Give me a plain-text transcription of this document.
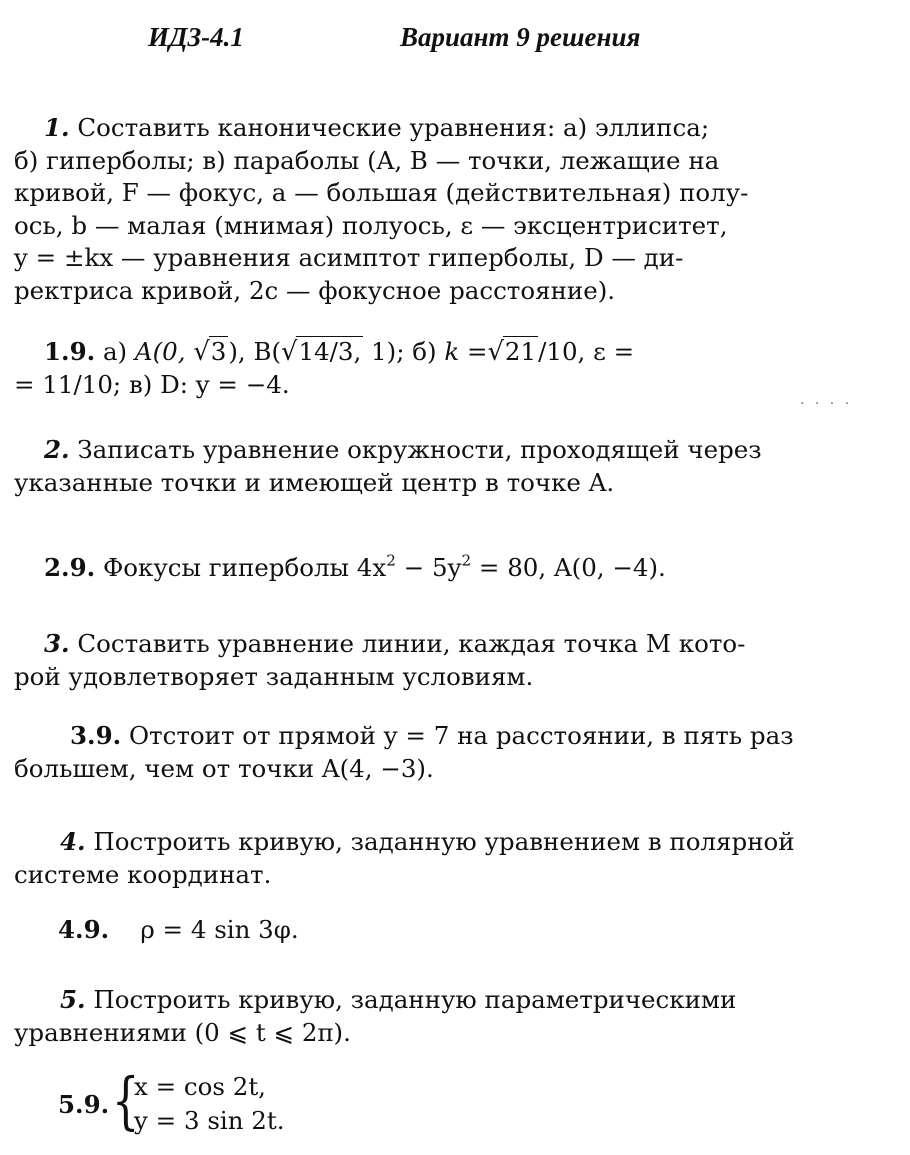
ИДЗ-4.1	Вариант 9 решения

1. Составить канонические уравнения: а) эллипса;

б) гиперболы; в) параболы (A, B — точки, лежащие на

кривой, F — фокус, a — большая (действительная) полу-

ось, b — малая (мнимая) полуось, ε — эксцентриситет,

y = ±kx — уравнения асимптот гиперболы, D — ди-

ректриса кривой, 2c — фокусное расстояние).

1.9. а) A(0, √3), B(√14/3, 1); б) k =√21/10, ε =

= 11/10; в) D: y = −4.

· · · ·

2. Записать уравнение окружности, проходящей через

указанные точки и имеющей центр в точке A.

2.9. Фокусы гиперболы $4x^2 - 5y^2 = 80$, A(0, −4).

3. Составить уравнение линии, каждая точка M кото-

рой удовлетворяет заданным условиям.

3.9. Отстоит от прямой y = 7 на расстоянии, в пять раз

большем, чем от точки A(4, −3).

4. Построить кривую, заданную уравнением в полярной

системе координат.

4.9. ρ = 4 sin 3φ.

5. Построить кривую, заданную параметрическими

уравнениями (0 ⩽ t ⩽ 2π).

5.9. {
x = cos 2t,
y = 3 sin 2t.
